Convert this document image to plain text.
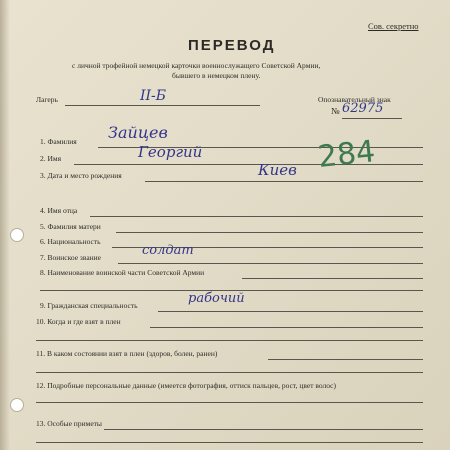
Сов. секретно
ПЕРЕВОД
с личной трофейной немецкой карточки военнослужащего Советской Армии,
бывшего в немецком плену.
Лагерь	II-Б	Опознавательный знак
№ 62975
1. Фамилия Зайцев
2. Имя	Георгий
3. Дата и место рождения	Киев 284
4. Имя отца
5. Фамилия матери
6. Национальность
7. Воинское звание	солдат
8. Наименование воинской части Советской Армии
9. Гражданская специальность	рабочий
10. Когда и где взят в плен
11. В каком состоянии взят в плен (здоров, болен, ранен)
12. Подробные персональные данные (имеется фотография, оттиск пальцев, рост, цвет волос)
13. Особые приметы
